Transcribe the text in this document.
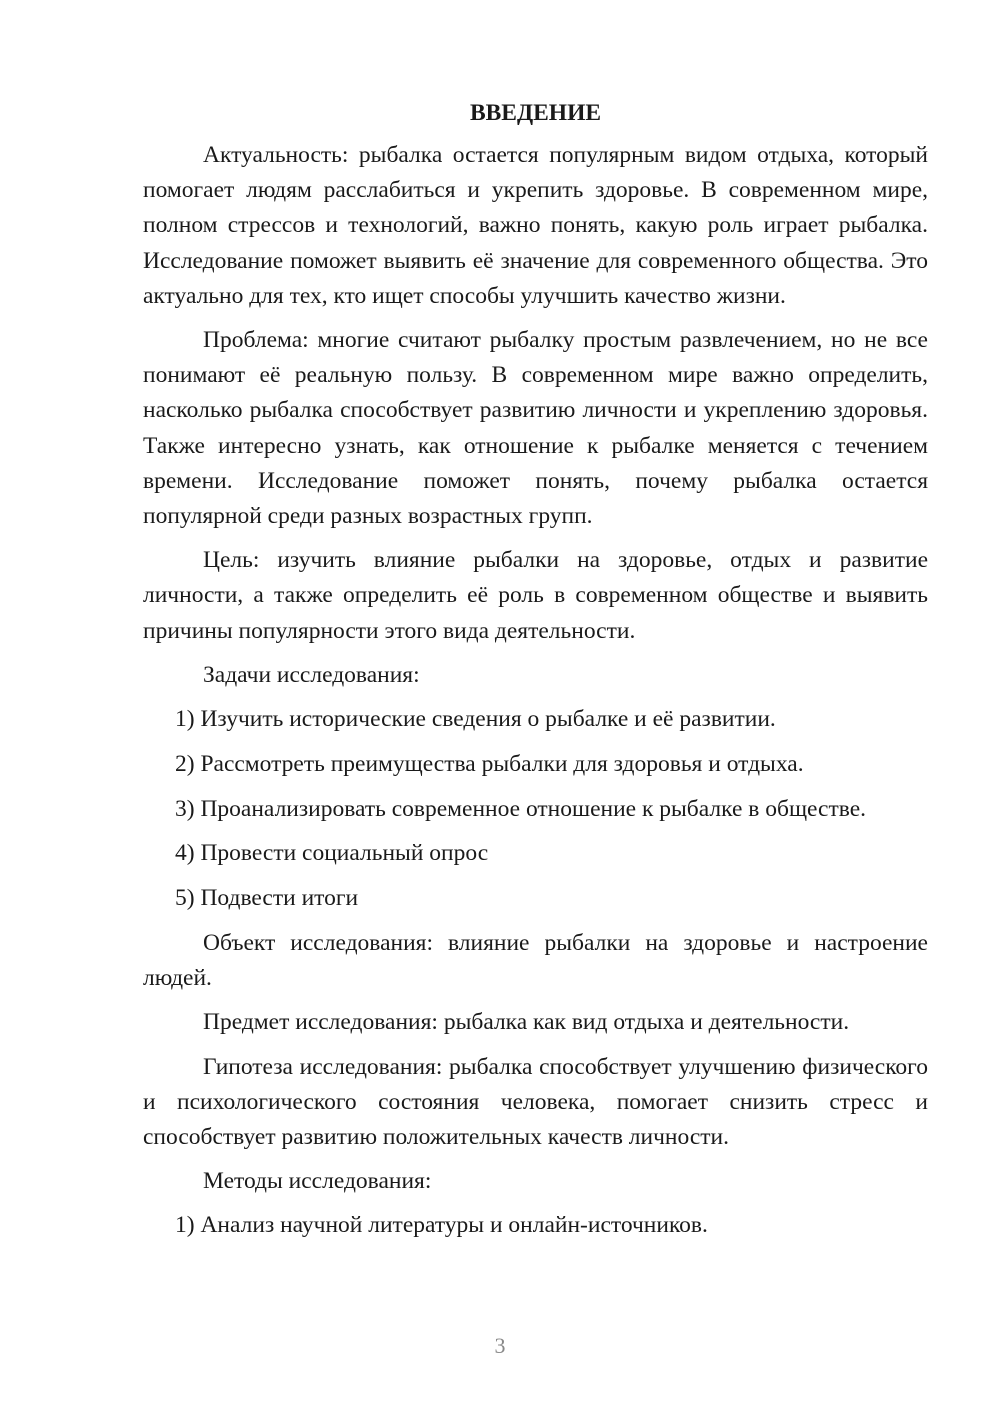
ВВЕДЕНИЕ

Актуальность: рыбалка остается популярным видом отдыха, который помогает людям расслабиться и укрепить здоровье. В современном мире, полном стрессов и технологий, важно понять, какую роль играет рыбалка. Исследование поможет выявить её значение для современного общества. Это актуально для тех, кто ищет способы улучшить качество жизни.

Проблема: многие считают рыбалку простым развлечением, но не все понимают её реальную пользу. В современном мире важно определить, насколько рыбалка способствует развитию личности и укреплению здоровья. Также интересно узнать, как отношение к рыбалке меняется с течением времени. Исследование поможет понять, почему рыбалка остается популярной среди разных возрастных групп.

Цель: изучить влияние рыбалки на здоровье, отдых и развитие личности, а также определить её роль в современном обществе и выявить причины популярности этого вида деятельности.

Задачи исследования:

1) Изучить исторические сведения о рыбалке и её развитии.
2) Рассмотреть преимущества рыбалки для здоровья и отдыха.
3) Проанализировать современное отношение к рыбалке в обществе.
4) Провести социальный опрос
5) Подвести итоги

Объект исследования: влияние рыбалки на здоровье и настроение людей.

Предмет исследования: рыбалка как вид отдыха и деятельности.

Гипотеза исследования: рыбалка способствует улучшению физического и психологического состояния человека, помогает снизить стресс и способствует развитию положительных качеств личности.

Методы исследования:

1) Анализ научной литературы и онлайн-источников.
3
